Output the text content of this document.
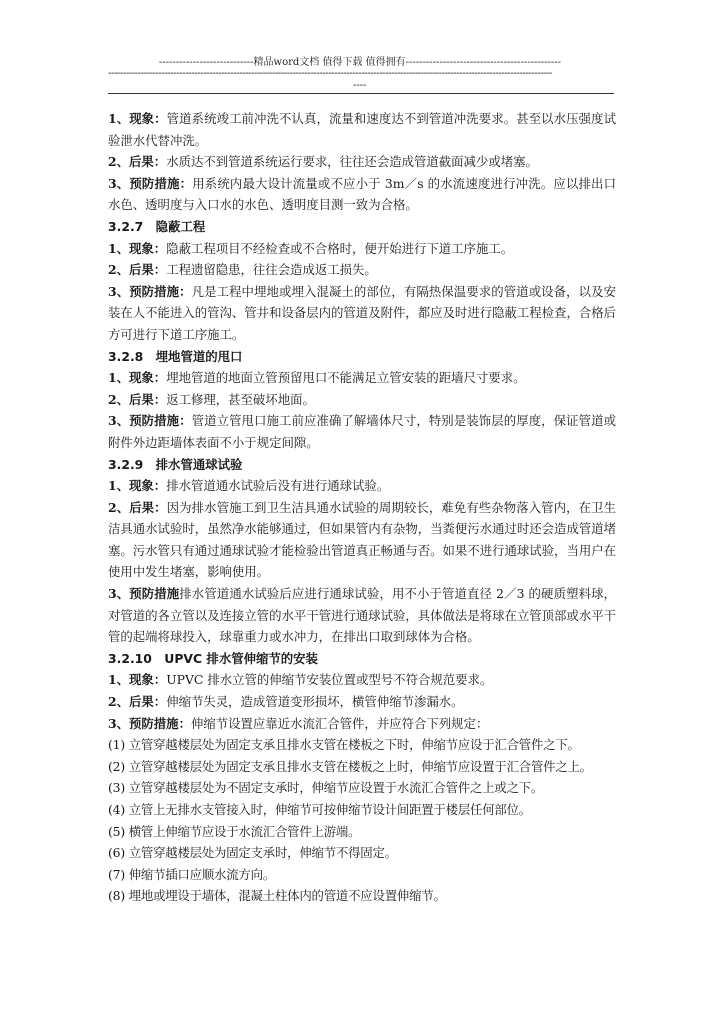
----------------------------精品word文档 值得下载 值得拥有----------------------------------------------
-----------------------------------------------------------------------------------------------------------------------------------------------------
----

1、现象：管道系统竣工前冲洗不认真，流量和速度达不到管道冲洗要求。甚至以水压强度试验泄水代替冲洗。

2、后果：水质达不到管道系统运行要求，往往还会造成管道截面减少或堵塞。

3、预防措施：用系统内最大设计流量或不应小于 3m／s 的水流速度进行冲洗。应以排出口水色、透明度与入口水的水色、透明度目测一致为合格。

3.2.7　隐蔽工程

1、现象：隐蔽工程项目不经检查或不合格时，便开始进行下道工序施工。

2、后果：工程遗留隐患，往往会造成返工损失。

3、预防措施：凡是工程中埋地或埋入混凝土的部位，有隔热保温要求的管道或设备，以及安装在人不能进入的管沟、管井和设备层内的管道及附件，都应及时进行隐蔽工程检查，合格后方可进行下道工序施工。

3.2.8　埋地管道的甩口

1、现象：埋地管道的地面立管预留甩口不能满足立管安装的距墙尺寸要求。

2、后果：返工修理，甚至破坏地面。

3、预防措施：管道立管甩口施工前应准确了解墙体尺寸，特别是装饰层的厚度，保证管道或附件外边距墙体表面不小于规定间隙。

3.2.9　排水管通球试验

1、现象：排水管道通水试验后没有进行通球试验。

2、后果：因为排水管施工到卫生洁具通水试验的周期较长，难免有些杂物落入管内，在卫生洁具通水试验时，虽然净水能够通过，但如果管内有杂物，当粪便污水通过时还会造成管道堵塞。污水管只有通过通球试验才能检验出管道真正畅通与否。如果不进行通球试验，当用户在使用中发生堵塞，影响使用。

3、预防措施排水管道通水试验后应进行通球试验，用不小于管道直径 2／3 的硬质塑料球，对管道的各立管以及连接立管的水平干管进行通球试验，具体做法是将球在立管顶部或水平干管的起端将球投入，球靠重力或水冲力，在排出口取到球体为合格。

3.2.10　UPVC 排水管伸缩节的安装

1、现象：UPVC 排水立管的伸缩节安装位置或型号不符合规范要求。

2、后果：伸缩节失灵，造成管道变形损坏，横管伸缩节渗漏水。

3、预防措施：伸缩节设置应靠近水流汇合管件，并应符合下列规定：

(1) 立管穿越楼层处为固定支承且排水支管在楼板之下时，伸缩节应设于汇合管件之下。

(2) 立管穿越楼层处为固定支承且排水支管在楼板之上时，伸缩节应设置于汇合管件之上。

(3) 立管穿越楼层处为不固定支承时，伸缩节应设置于水流汇合管件之上或之下。

(4) 立管上无排水支管接入时，伸缩节可按伸缩节设计间距置于楼层任何部位。

(5) 横管上伸缩节应设于水流汇合管件上游端。

(6) 立管穿越楼层处为固定支承时，伸缩节不得固定。

(7) 伸缩节插口应顺水流方向。

(8) 埋地或埋设于墙体，混凝土柱体内的管道不应设置伸缩节。
